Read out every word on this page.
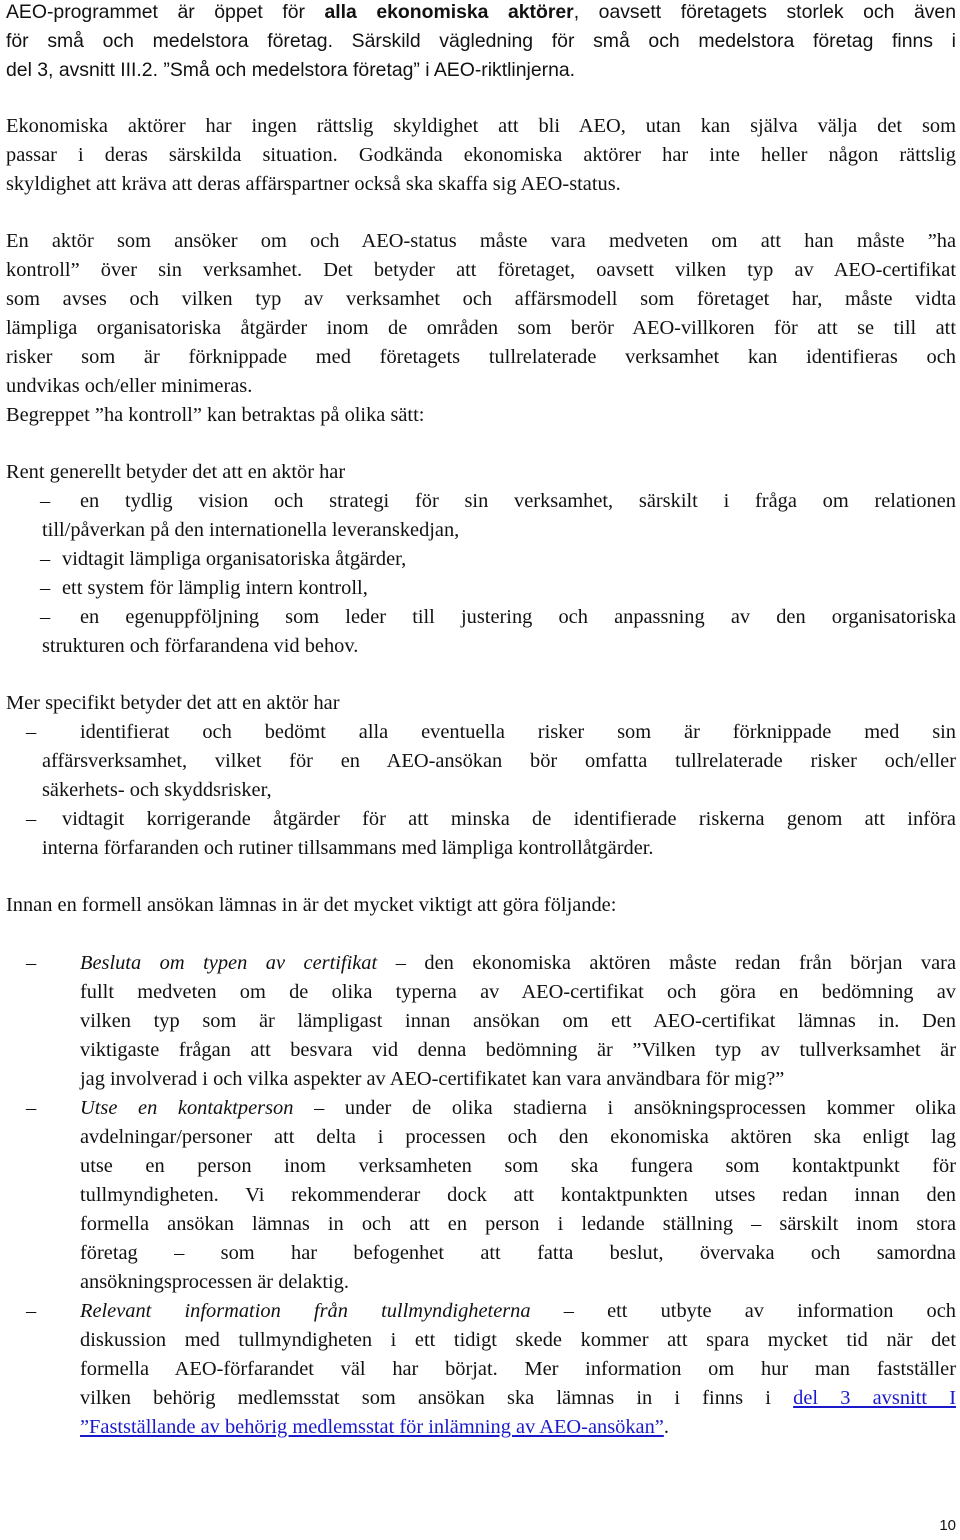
AEO-programmet är öppet för alla ekonomiska aktörer, oavsett företagets storlek och även
för små och medelstora företag. Särskild vägledning för små och medelstora företag finns i
del 3, avsnitt III.2. ”Små och medelstora företag” i AEO-riktlinjerna.
Ekonomiska aktörer har ingen rättslig skyldighet att bli AEO, utan kan själva välja det som
passar i deras särskilda situation. Godkända ekonomiska aktörer har inte heller någon rättslig
skyldighet att kräva att deras affärspartner också ska skaffa sig AEO-status.
En aktör som ansöker om och AEO-status måste vara medveten om att han måste ”ha
kontroll” över sin verksamhet. Det betyder att företaget, oavsett vilken typ av AEO-certifikat
som avses och vilken typ av verksamhet och affärsmodell som företaget har, måste vidta
lämpliga organisatoriska åtgärder inom de områden som berör AEO-villkoren för att se till att
risker som är förknippade med företagets tullrelaterade verksamhet kan identifieras och
undvikas och/eller minimeras.
Begreppet ”ha kontroll” kan betraktas på olika sätt:
Rent generellt betyder det att en aktör har
– en tydlig vision och strategi för sin verksamhet, särskilt i fråga om relationen
till/påverkan på den internationella leveranskedjan,
– vidtagit lämpliga organisatoriska åtgärder,
– ett system för lämplig intern kontroll,
– en egenuppföljning som leder till justering och anpassning av den organisatoriska
strukturen och förfarandena vid behov.
Mer specifikt betyder det att en aktör har
– identifierat och bedömt alla eventuella risker som är förknippade med sin
affärsverksamhet, vilket för en AEO-ansökan bör omfatta tullrelaterade risker och/eller
säkerhets- och skyddsrisker,
– vidtagit korrigerande åtgärder för att minska de identifierade riskerna genom att införa
interna förfaranden och rutiner tillsammans med lämpliga kontrollåtgärder.
Innan en formell ansökan lämnas in är det mycket viktigt att göra följande:
– Besluta om typen av certifikat – den ekonomiska aktören måste redan från början vara
fullt medveten om de olika typerna av AEO-certifikat och göra en bedömning av
vilken typ som är lämpligast innan ansökan om ett AEO-certifikat lämnas in. Den
viktigaste frågan att besvara vid denna bedömning är ”Vilken typ av tullverksamhet är
jag involverad i och vilka aspekter av AEO-certifikatet kan vara användbara för mig?”
– Utse en kontaktperson – under de olika stadierna i ansökningsprocessen kommer olika
avdelningar/personer att delta i processen och den ekonomiska aktören ska enligt lag
utse en person inom verksamheten som ska fungera som kontaktpunkt för
tullmyndigheten. Vi rekommenderar dock att kontaktpunkten utses redan innan den
formella ansökan lämnas in och att en person i ledande ställning – särskilt inom stora
företag – som har befogenhet att fatta beslut, övervaka och samordna
ansökningsprocessen är delaktig.
– Relevant information från tullmyndigheterna – ett utbyte av information och
diskussion med tullmyndigheten i ett tidigt skede kommer att spara mycket tid när det
formella AEO-förfarandet väl har börjat. Mer information om hur man fastställer
vilken behörig medlemsstat som ansökan ska lämnas in i finns i del 3 avsnitt I
”Fastställande av behörig medlemsstat för inlämning av AEO-ansökan”.
10
